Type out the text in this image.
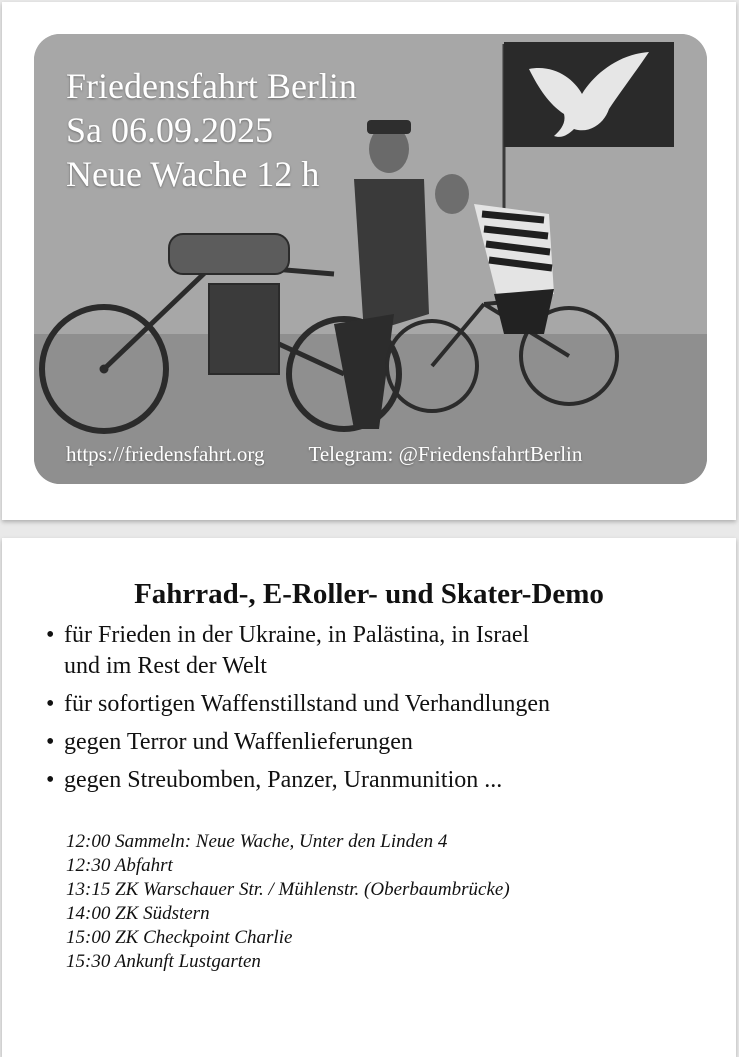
Friedensfahrt Berlin
Sa 06.09.2025
Neue Wache 12 h
https://friedensfahrt.org Telegram: @FriedensfahrtBerlin
Fahrrad-, E-Roller- und Skater-Demo
• für Frieden in der Ukraine, in Palästina, in Israel
und im Rest der Welt
• für sofortigen Waffenstillstand und Verhandlungen
• gegen Terror und Waffenlieferungen
• gegen Streubomben, Panzer, Uranmunition ...
12:00 Sammeln: Neue Wache, Unter den Linden 4
12:30 Abfahrt
13:15 ZK Warschauer Str. / Mühlenstr. (Oberbaumbrücke)
14:00 ZK Südstern
15:00 ZK Checkpoint Charlie
15:30 Ankunft Lustgarten
